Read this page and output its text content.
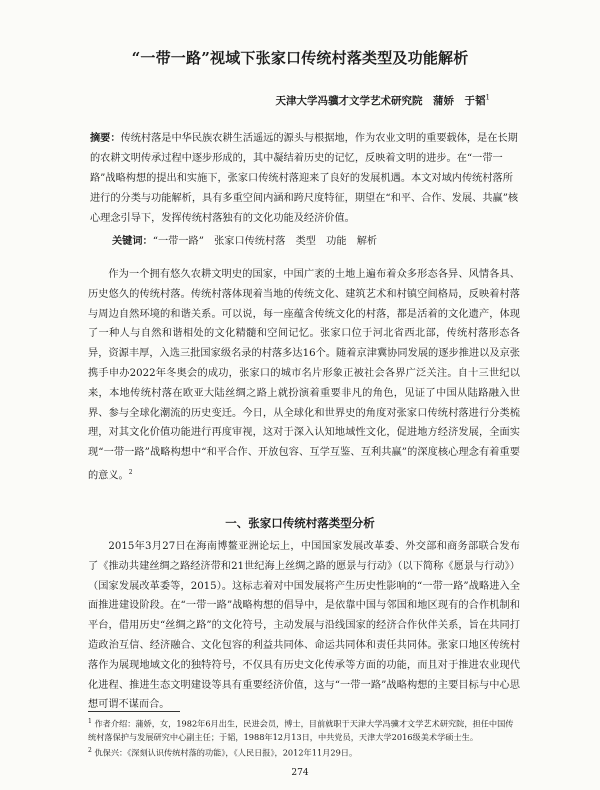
“一带一路”视域下张家口传统村落类型及功能解析
天津大学冯骥才文学艺术研究院　蒲娇　于韬$^1$
摘要：传统村落是中华民族农耕生活遥远的源头与根据地，作为农业文明的重要载体，是在长期的农耕文明传承过程中逐步形成的，其中凝结着历史的记忆，反映着文明的进步。在“一带一路”战略构想的提出和实施下，张家口传统村落迎来了良好的发展机遇。本文对域内传统村落所进行的分类与功能解析，具有多重空间内涵和跨尺度特征，期望在“和平、合作、发展、共赢”核心理念引导下，发挥传统村落独有的文化功能及经济价值。
关键词：“一带一路”　张家口传统村落　类型　功能　解析
作为一个拥有悠久农耕文明史的国家，中国广袤的土地上遍布着众多形态各异、风情各具、历史悠久的传统村落。传统村落体现着当地的传统文化、建筑艺术和村镇空间格局，反映着村落与周边自然环境的和谐关系。可以说，每一座蕴含传统文化的村落，都是活着的文化遗产，体现了一种人与自然和谐相处的文化精髓和空间记忆。张家口位于河北省西北部，传统村落形态各异，资源丰厚，入选三批国家级名录的村落多达16个。随着京津冀协同发展的逐步推进以及京张携手申办2022年冬奥会的成功，张家口的城市名片形象正被社会各界广泛关注。自十三世纪以来，本地传统村落在欧亚大陆丝绸之路上就扮演着重要非凡的角色，见证了中国从陆路融入世界、参与全球化潮流的历史变迁。今日，从全球化和世界史的角度对张家口传统村落进行分类梳理，对其文化价值功能进行再度审视，这对于深入认知地域性文化，促进地方经济发展，全面实现“一带一路”战略构想中“和平合作、开放包容、互学互鉴、互利共赢”的深度核心理念有着重要的意义。$^2$
一、张家口传统村落类型分析
2015年3月27日在海南博鳌亚洲论坛上，中国国家发展改革委、外交部和商务部联合发布了《推动共建丝绸之路经济带和21世纪海上丝绸之路的愿景与行动》（以下简称《愿景与行动》）（国家发展改革委等，2015）。这标志着对中国发展将产生历史性影响的“一带一路”战略进入全面推进建设阶段。在“一带一路”战略构想的倡导中，是依靠中国与邻国和地区现有的合作机制和平台，借用历史“丝绸之路”的文化符号，主动发展与沿线国家的经济合作伙伴关系，旨在共同打造政治互信、经济融合、文化包容的利益共同体、命运共同体和责任共同体。张家口地区传统村落作为展现地域文化的独特符号，不仅具有历史文化传承等方面的功能，而且对于推进农业现代化进程、推进生态文明建设等具有重要经济价值，这与“一带一路”战略构想的主要目标与中心思想可谓不谋而合。

$^1$ 作者介绍：蒲娇，女，1982年6月出生，民进会员，博士，目前就职于天津大学冯骥才文学艺术研究院，担任中国传统村落保护与发展研究中心副主任；于韬，1988年12月13日，中共党员，天津大学2016级美术学硕士生。

$^2$ 仇保兴：《深刻认识传统村落的功能》，《人民日报》，2012年11月29日。

274
